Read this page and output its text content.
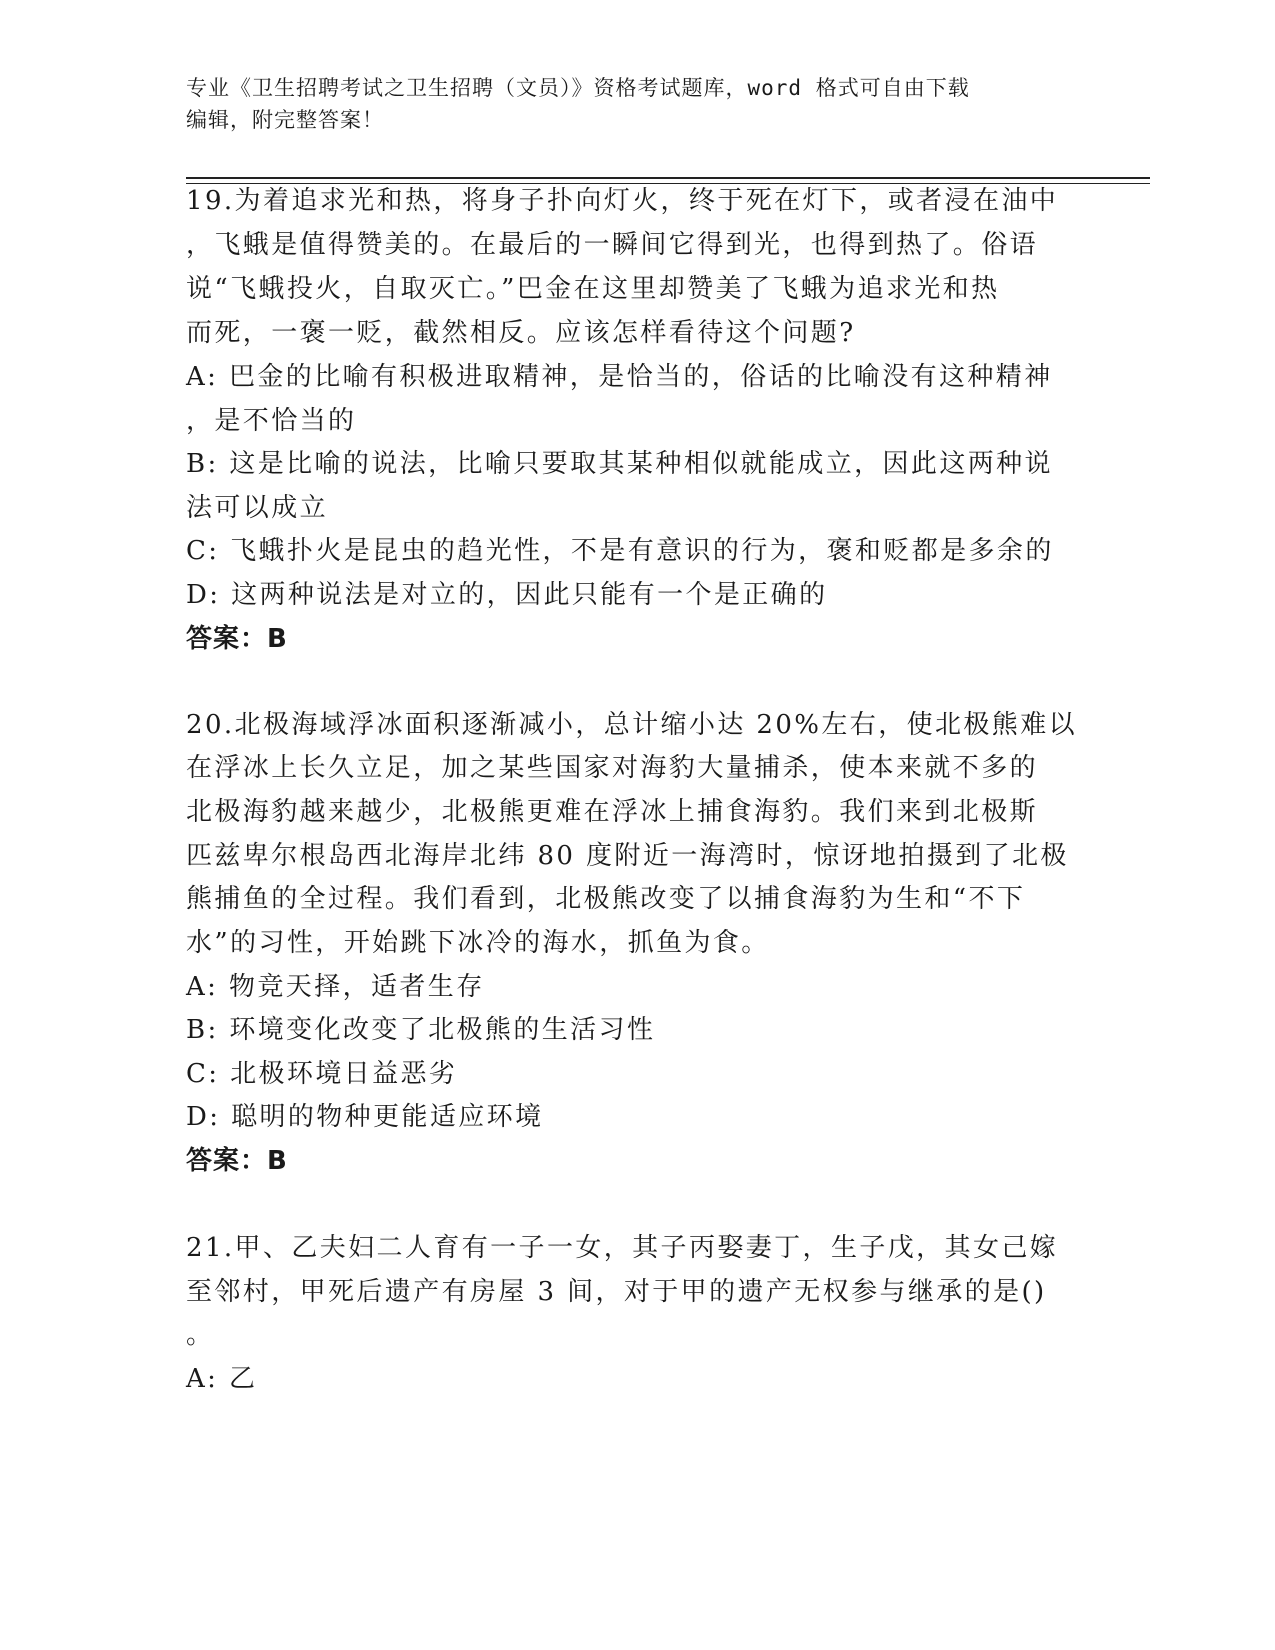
专业《卫生招聘考试之卫生招聘（文员）》资格考试题库，word 格式可自由下载
编辑，附完整答案！
19.为着追求光和热，将身子扑向灯火，终于死在灯下，或者浸在油中
，飞蛾是值得赞美的。在最后的一瞬间它得到光，也得到热了。俗语
说“飞蛾投火，自取灭亡。”巴金在这里却赞美了飞蛾为追求光和热
而死，一褒一贬，截然相反。应该怎样看待这个问题?
A: 巴金的比喻有积极进取精神，是恰当的，俗话的比喻没有这种精神
，是不恰当的
B: 这是比喻的说法，比喻只要取其某种相似就能成立，因此这两种说
法可以成立
C: 飞蛾扑火是昆虫的趋光性，不是有意识的行为，褒和贬都是多余的
D: 这两种说法是对立的，因此只能有一个是正确的
答案：B
20.北极海域浮冰面积逐渐减小，总计缩小达 20%左右，使北极熊难以
在浮冰上长久立足，加之某些国家对海豹大量捕杀，使本来就不多的
北极海豹越来越少，北极熊更难在浮冰上捕食海豹。我们来到北极斯
匹兹卑尔根岛西北海岸北纬 80 度附近一海湾时，惊讶地拍摄到了北极
熊捕鱼的全过程。我们看到，北极熊改变了以捕食海豹为生和“不下
水”的习性，开始跳下冰冷的海水，抓鱼为食。
A: 物竞天择，适者生存
B: 环境变化改变了北极熊的生活习性
C: 北极环境日益恶劣
D: 聪明的物种更能适应环境
答案：B
21.甲、乙夫妇二人育有一子一女，其子丙娶妻丁，生子戊，其女己嫁
至邻村，甲死后遗产有房屋 3 间，对于甲的遗产无权参与继承的是()
。
A: 乙
